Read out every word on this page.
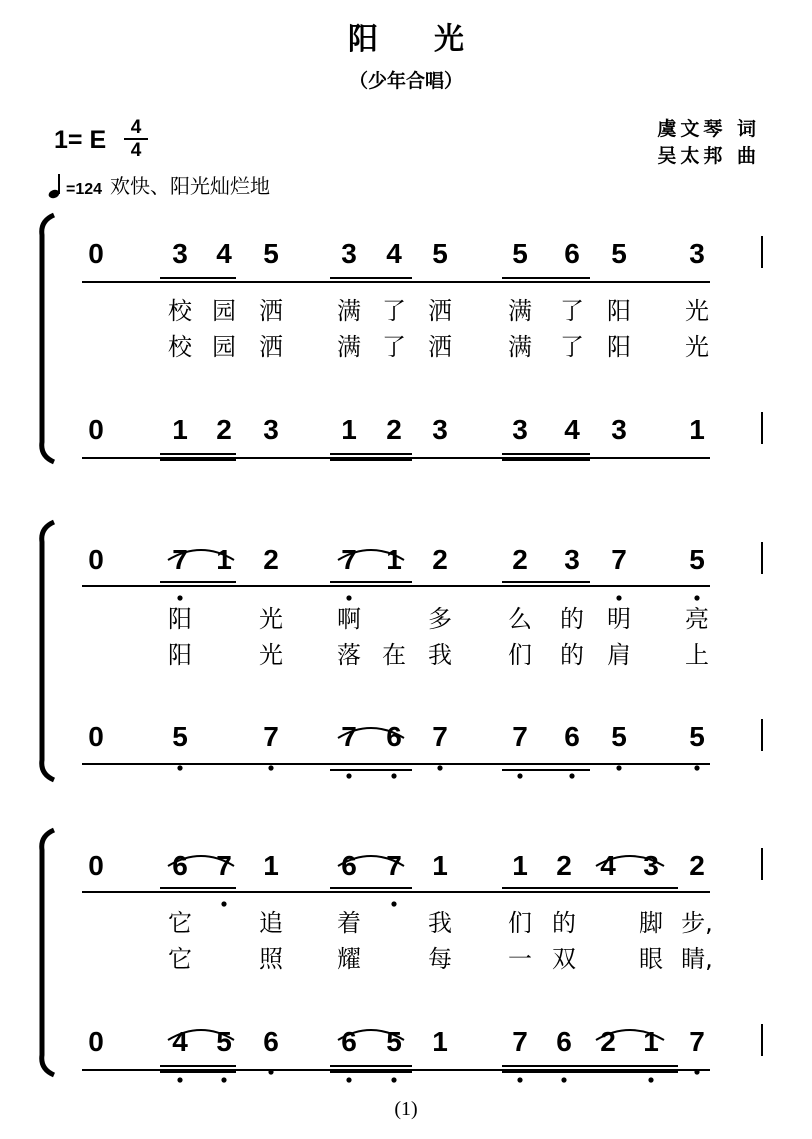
阳光
（少年合唱）
1= E	4
4
虞文琴 词
吴太邦 曲
=124 欢快、阳光灿烂地
0 3 4 5 3 4 5 5 6 5 3
校 园 洒	满 了 洒	满	了 阳	光
校 园 洒	满 了 洒	满	了 阳	光
0 1 2 3 1 2 3 3 4 3 1
0 7 1 2 7 1 2 2 3 7 5
阳	光	啊	多	么	的 明	亮
阳	光	落 在 我	们	的 肩	上
0 5	7 7 6 7 7 6 5 5
0 6 7 1 6 7 1 1 2 4 3 2
它	追	着	我	们 的	脚 步,
它	照	耀	每	一 双	眼 睛,
0 4 5 6 6 5 1 7 6 2 1 7
(1)
